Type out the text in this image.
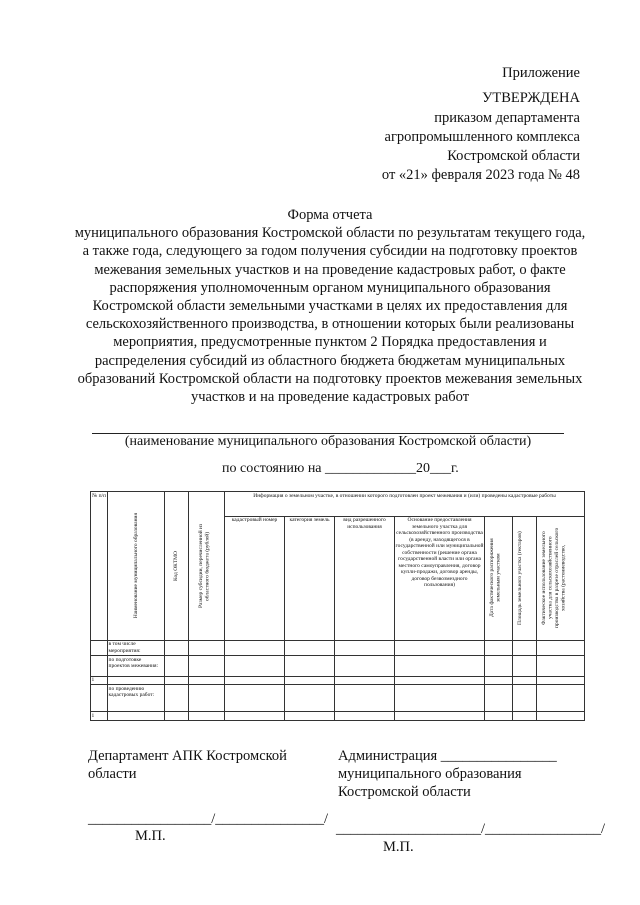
Приложение
УТВЕРЖДЕНА
приказом департамента
агропромышленного комплекса
Костромской области
от «21» февраля 2023 года № 48
Форма отчета
муниципального образования Костромской области по результатам текущего года, а также года, следующего за годом получения субсидии на подготовку проектов межевания земельных участков и на проведение кадастровых работ, о факте распоряжения уполномоченным органом муниципального образования Костромской области земельными участками в целях их предоставления для сельскохозяйственного производства, в отношении которых были реализованы мероприятия, предусмотренные пунктом 2 Порядка предоставления и распределения субсидий из областного бюджета бюджетам муниципальных образований Костромской области на подготовку проектов межевания земельных участков и на проведение кадастровых работ
(наименование муниципального образования Костромской области)
по состоянию на _____________20___г.
№ п/п	Наименование муниципального образования	Код ОКТМО	Размер субсидии, перечисленной из областного бюджета (рублей)	Информация о земельном участке, в отношении которого подготовлен проект межевания и (или) проведены кадастровые работы						
				кадастровый номер	категория земель	вид разрешенного использования	Основание предоставления земельного участка для сельскохозяйственного производства (в аренду, находящегося в государственной или муниципальной собственности (решение органа государственной власти или органа местного самоуправления, договор купли-продажи, договор аренды, договор безвозмездного пользования)	Дата фактического распоряжения земельным участком	Площадь земельного участка (гектаров)	Фактическое использование земельного участка для сельскохозяйственного производства в разрезе отраслей сельского хозяйства (растениеводство,

	в том числе мероприятия:									
	по подготовке проектов межевания:									
1										
	по проведению кадастровых работ:									
1										
Департамент АПК Костромской
области
Администрация ________________
муниципального образования
Костромской области
_________________/_______________/
____________________/________________/
М.П.
М.П.
